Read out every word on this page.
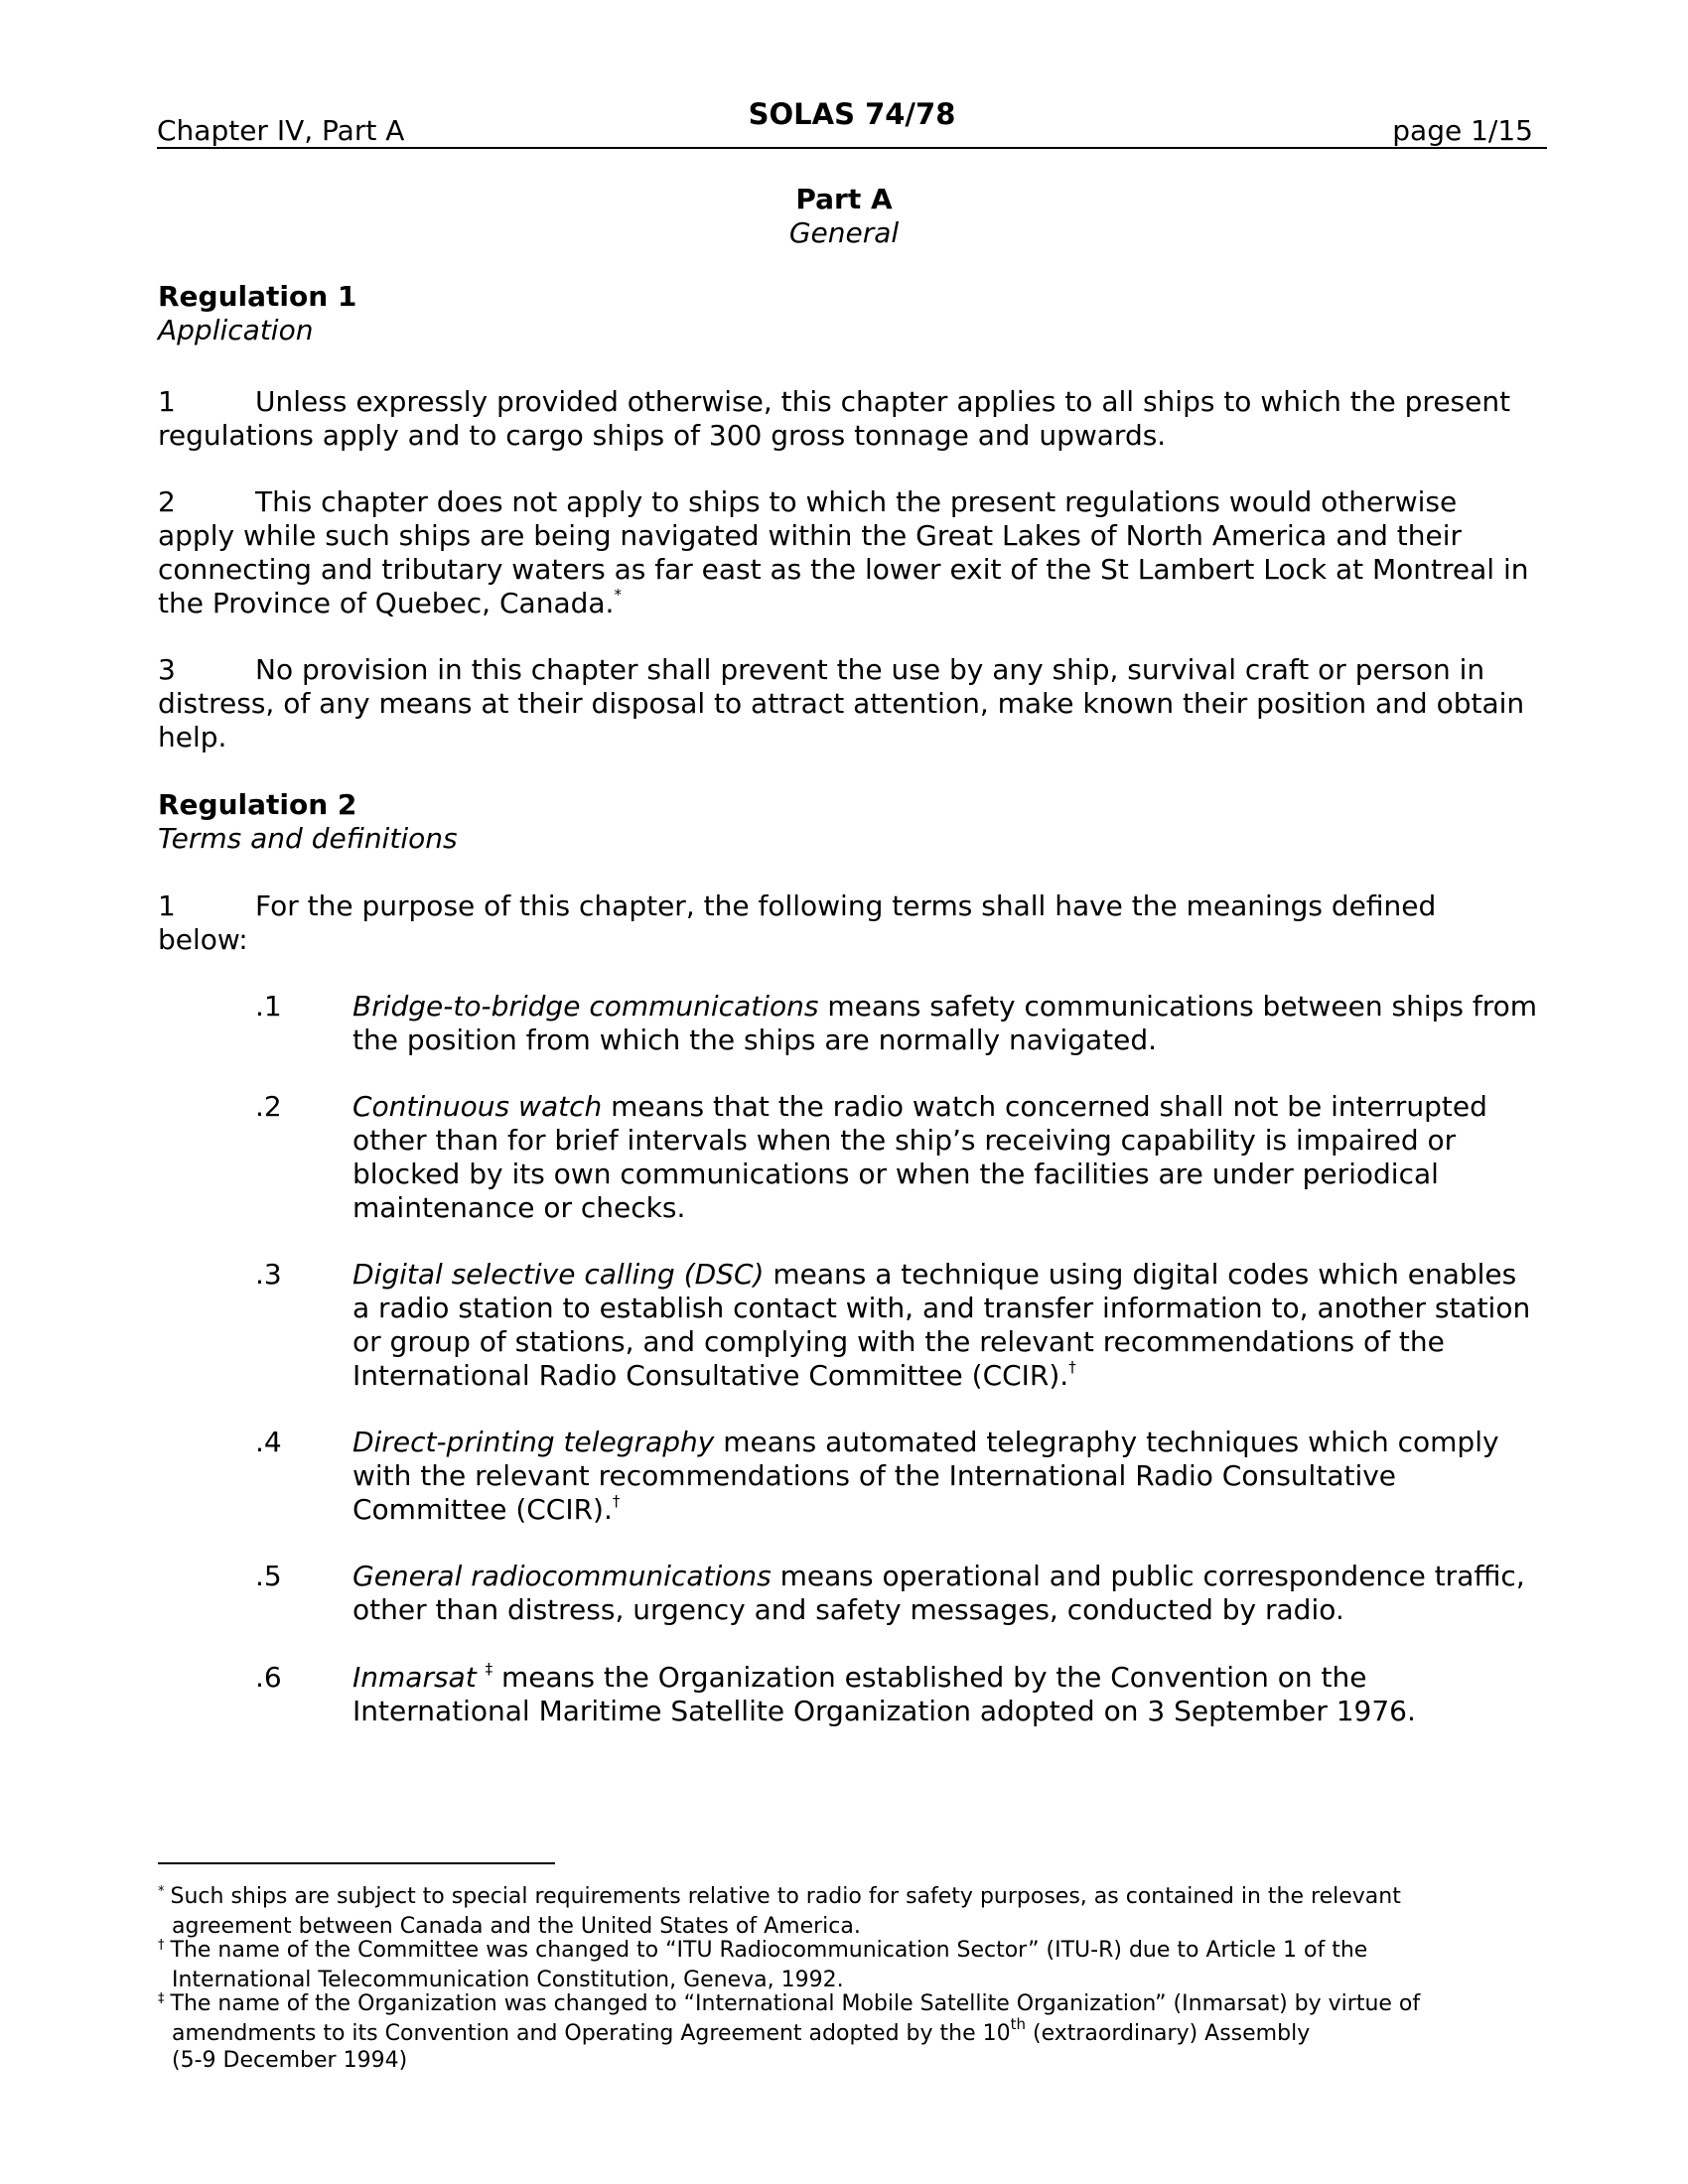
Chapter IV, Part A	SOLAS 74/78	page 1/15
Part A
General
Regulation 1
Application
1	Unless expressly provided otherwise, this chapter applies to all ships to which the present
regulations apply and to cargo ships of 300 gross tonnage and upwards.
2	This chapter does not apply to ships to which the present regulations would otherwise
apply while such ships are being navigated within the Great Lakes of North America and their
connecting and tributary waters as far east as the lower exit of the St Lambert Lock at Montreal in
the Province of Quebec, Canada.*
3	No provision in this chapter shall prevent the use by any ship, survival craft or person in
distress, of any means at their disposal to attract attention, make known their position and obtain
help.
Regulation 2
Terms and definitions
1	For the purpose of this chapter, the following terms shall have the meanings defined
below:
.1	Bridge-to-bridge communications means safety communications between ships from
the position from which the ships are normally navigated.
.2	Continuous watch means that the radio watch concerned shall not be interrupted
other than for brief intervals when the ship’s receiving capability is impaired or
blocked by its own communications or when the facilities are under periodical
maintenance or checks.
.3	Digital selective calling (DSC) means a technique using digital codes which enables
a radio station to establish contact with, and transfer information to, another station
or group of stations, and complying with the relevant recommendations of the
International Radio Consultative Committee (CCIR).†
.4	Direct-printing telegraphy means automated telegraphy techniques which comply
with the relevant recommendations of the International Radio Consultative
Committee (CCIR).†
.5	General radiocommunications means operational and public correspondence traffic,
other than distress, urgency and safety messages, conducted by radio.
.6	Inmarsat ‡ means the Organization established by the Convention on the
International Maritime Satellite Organization adopted on 3 September 1976.
* Such ships are subject to special requirements relative to radio for safety purposes, as contained in the relevant
agreement between Canada and the United States of America.
† The name of the Committee was changed to “ITU Radiocommunication Sector” (ITU-R) due to Article 1 of the
International Telecommunication Constitution, Geneva, 1992.
‡ The name of the Organization was changed to “International Mobile Satellite Organization” (Inmarsat) by virtue of
amendments to its Convention and Operating Agreement adopted by the 10th (extraordinary) Assembly
(5-9 December 1994)
